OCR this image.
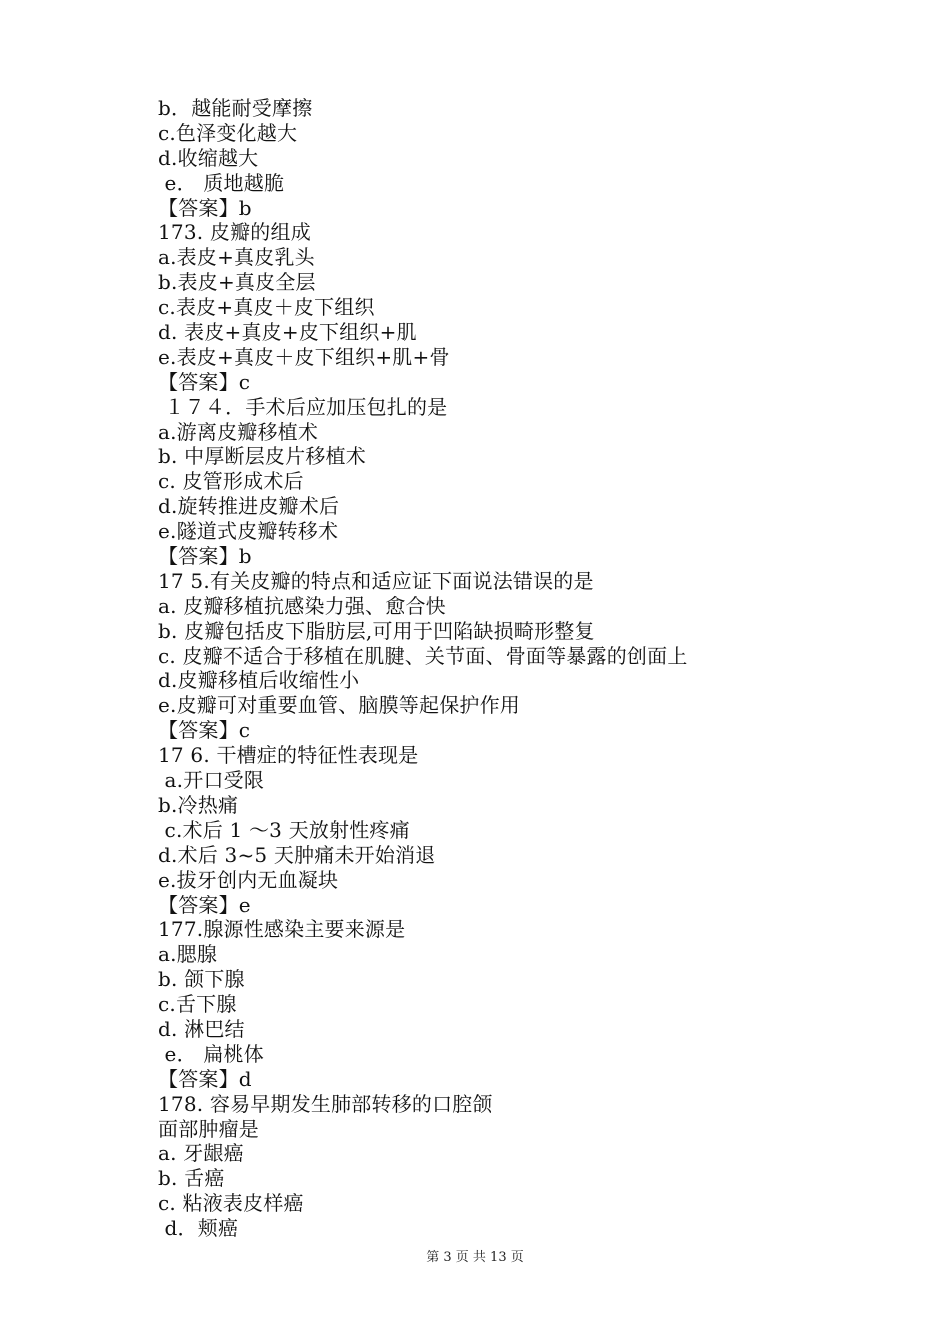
b．越能耐受摩擦
c.色泽变化越大
d.收缩越大
e． 质地越脆
【答案】b
173. 皮瓣的组成
a.表皮+真皮乳头
b.表皮+真皮全层
c.表皮+真皮＋皮下组织
d. 表皮+真皮+皮下组织+肌
e.表皮+真皮＋皮下组织+肌+骨
【答案】c
１７４．手术后应加压包扎的是
a.游离皮瓣移植术
b. 中厚断层皮片移植术
c. 皮管形成术后
d.旋转推进皮瓣术后
e.隧道式皮瓣转移术
【答案】b
17 5.有关皮瓣的特点和适应证下面说法错误的是
a. 皮瓣移植抗感染力强、愈合快
b. 皮瓣包括皮下脂肪层,可用于凹陷缺损畸形整复
c. 皮瓣不适合于移植在肌腱、关节面、骨面等暴露的创面上
d.皮瓣移植后收缩性小
e.皮瓣可对重要血管、脑膜等起保护作用
【答案】c
17 6. 干槽症的特征性表现是
a.开口受限
b.冷热痛
c.术后 1 ～3 天放射性疼痛
d.术后 3~5 天肿痛未开始消退
e.拔牙创内无血凝块
【答案】e
177.腺源性感染主要来源是
a.腮腺
b. 颌下腺
c.舌下腺
d. 淋巴结
e． 扁桃体
【答案】d
178. 容易早期发生肺部转移的口腔颌
面部肿瘤是
a. 牙龈癌
b. 舌癌
c. 粘液表皮样癌
d．颊癌
第 3 页 共 13 页
